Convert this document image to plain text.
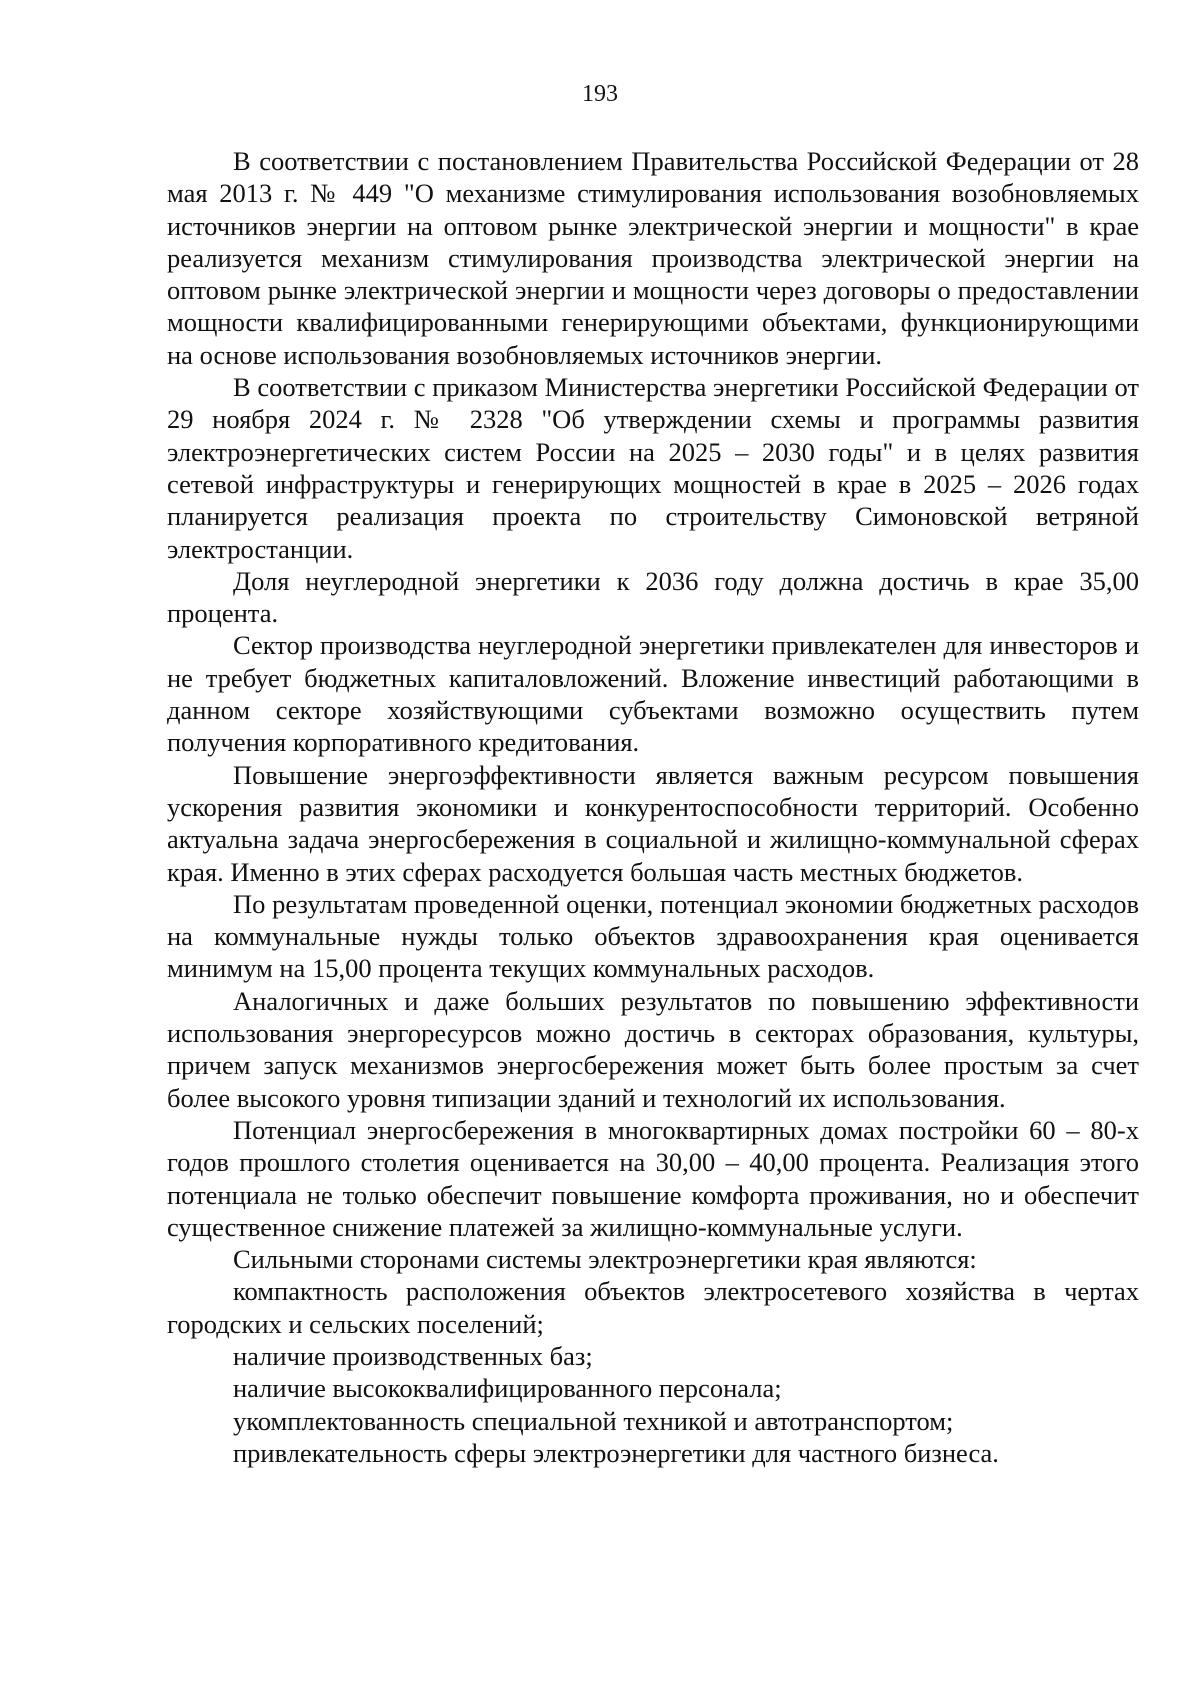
193

В соответствии с постановлением Правительства Российской Федерации от 28 мая 2013 г. № 449 "О механизме стимулирования использования возобновляемых источников энергии на оптовом рынке электрической энергии и мощности" в крае реализуется механизм стимулирования производства электрической энергии на оптовом рынке электрической энергии и мощности через договоры о предоставлении мощности квалифицированными генерирующими объектами, функционирующими на основе использования возобновляемых источников энергии.

В соответствии с приказом Министерства энергетики Российской Федерации от 29 ноября 2024 г. № 2328 "Об утверждении схемы и программы развития электроэнергетических систем России на 2025 – 2030 годы" и в целях развития сетевой инфраструктуры и генерирующих мощностей в крае в 2025 – 2026 годах планируется реализация проекта по строительству Симоновской ветряной электростанции.

Доля неуглеродной энергетики к 2036 году должна достичь в крае 35,00 процента.

Сектор производства неуглеродной энергетики привлекателен для инвесторов и не требует бюджетных капиталовложений. Вложение инвестиций работающими в данном секторе хозяйствующими субъектами возможно осуществить путем получения корпоративного кредитования.

Повышение энергоэффективности является важным ресурсом повышения ускорения развития экономики и конкурентоспособности территорий. Особенно актуальна задача энергосбережения в социальной и жилищно-коммунальной сферах края. Именно в этих сферах расходуется большая часть местных бюджетов.

По результатам проведенной оценки, потенциал экономии бюджетных расходов на коммунальные нужды только объектов здравоохранения края оценивается минимум на 15,00 процента текущих коммунальных расходов.

Аналогичных и даже больших результатов по повышению эффективности использования энергоресурсов можно достичь в секторах образования, культуры, причем запуск механизмов энергосбережения может быть более простым за счет более высокого уровня типизации зданий и технологий их использования.

Потенциал энергосбережения в многоквартирных домах постройки 60 – 80-х годов прошлого столетия оценивается на 30,00 – 40,00 процента. Реализация этого потенциала не только обеспечит повышение комфорта проживания, но и обеспечит существенное снижение платежей за жилищно-коммунальные услуги.

Сильными сторонами системы электроэнергетики края являются:

компактность расположения объектов электросетевого хозяйства в чертах городских и сельских поселений;

наличие производственных баз;

наличие высококвалифицированного персонала;

укомплектованность специальной техникой и автотранспортом;

привлекательность сферы электроэнергетики для частного бизнеса.
